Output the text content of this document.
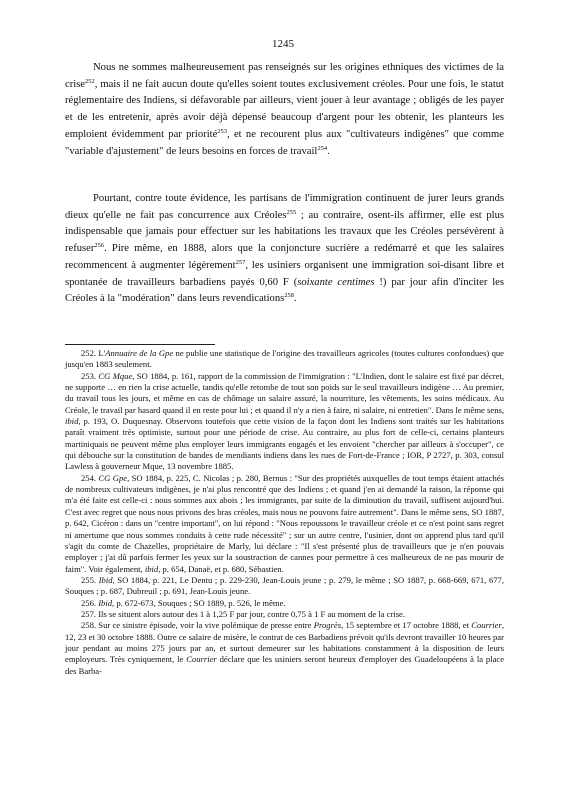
1245

Nous ne sommes malheureusement pas renseignés sur les origines ethniques des victimes de la crise$^{252}$, mais il ne fait aucun doute qu'elles soient toutes exclusivement créoles. Pour une fois, le statut réglementaire des Indiens, si défavorable par ailleurs, vient jouer à leur avantage ; obligés de les payer et de les entretenir, après avoir déjà dépensé beaucoup d'argent pour les obtenir, les planteurs les emploient évidemment par priorité$^{253}$, et ne recourent plus aux "cultivateurs indigènes" que comme "variable d'ajustement" de leurs besoins en forces de travail$^{254}$.

Pourtant, contre toute évidence, les partisans de l'immigration continuent de jurer leurs grands dieux qu'elle ne fait pas concurrence aux Créoles$^{255}$ ; au contraire, osent-ils affirmer, elle est plus indispensable que jamais pour effectuer sur les habitations les travaux que les Créoles persévèrent à refuser$^{256}$. Pire même, en 1888, alors que la conjoncture sucrière a redémarré et que les salaires recommencent à augmenter légèrement$^{257}$, les usiniers organisent une immigration soi-disant libre et spontanée de travailleurs barbadiens payés 0,60 F (soixante centimes !) par jour afin d'inciter les Créoles à la "modération" dans leurs revendications$^{258}$.

252. L'Annuaire de la Gpe ne publie une statistique de l'origine des travailleurs agricoles (toutes cultures confondues) que jusqu'en 1883 seulement.

253. CG Mque, SO 1884, p. 161, rapport de la commission de l'immigration : "L'Indien, dont le salaire est fixé par décret, ne supporte … en rien la crise actuelle, tandis qu'elle retombe de tout son poids sur le seul travailleurs indigène … Au premier, du travail tous les jours, et même en cas de chômage un salaire assuré, la nourriture, les vêtements, les soins médicaux. Au Créole, le travail par hasard quand il en reste pour lui ; et quand il n'y a rien à faire, ni salaire, ni entretien". Dans le même sens, ibid, p. 193, O. Duquesnay. Observons toutefois que cette vision de la façon dont les Indiens sont traités sur les habitations paraît vraiment très optimiste, surtout pour une période de crise. Au contraire, au plus fort de celle-ci, certains planteurs martiniquais ne peuvent même plus employer leurs immigrants engagés et les envoient "chercher par ailleurs à s'occuper", ce qui débouche sur la constitution de bandes de mendiants indiens dans les rues de Fort-de-France ; IOR, P 2727, p. 303, consul Lawless à gouverneur Mque, 13 novembre 1885.

254. CG Gpe, SO 1884, p. 225, C. Nicolas ; p. 280, Bernus : "Sur des propriétés auxquelles de tout temps étaient attachés de nombreux cultivateurs indigènes, je n'ai plus rencontré que des Indiens ; et quand j'en ai demandé la raison, la réponse qui m'a été faite est celle-ci : nous sommes aux abois ; les immigrants, par suite de la diminution du travail, suffisent aujourd'hui. C'est avec regret que nous nous privons des bras créoles, mais nous ne pouvons faire autrement". Dans le même sens, SO 1887, p. 642, Cicéron : dans un "centre important", on lui répond : "Nous repoussons le travailleur créole et ce n'est point sans regret ni amertume que nous sommes conduits à cette rude nécessité" ; sur un autre centre, l'usinier, dont on apprend plus tard qu'il s'agit du comte de Chazelles, propriétaire de Marly, lui déclare : "Il s'est présenté plus de travailleurs que je n'en pouvais employer ; j'ai dû parfois fermer les yeux sur la soustraction de cannes pour permettre à ces malheureux de ne pas mourir de faim". Voir également, ibid, p. 654, Danaë, et p. 680, Sébastien.

255. Ibid, SO 1884, p. 221, Le Dentu ; p. 229-230, Jean-Louis jeune ; p. 279, le même ; SO 1887, p. 668-669, 671, 677, Souques ; p. 687, Dubreuil ; p. 691, Jean-Louis jeune.

256. Ibid, p. 672-673, Souques ; SO 1889, p. 526, le même.

257. Ils se situent alors autour des 1 à 1,25 F par jour, contre 0,75 à 1 F au moment de la crise.

258. Sur ce sinistre épisode, voir la vive polémique de presse entre Progrès, 15 septembre et 17 octobre 1888, et Courrier, 12, 23 et 30 octobre 1888. Outre ce salaire de misère, le contrat de ces Barbadiens prévoit qu'ils devront travailler 10 heures par jour pendant au moins 275 jours par an, et surtout demeurer sur les habitations constamment à la disposition de leurs employeurs. Très cyniquement, le Courrier déclare que les usiniers seront heureux d'employer des Guadeloupéens à la place des Barba-
